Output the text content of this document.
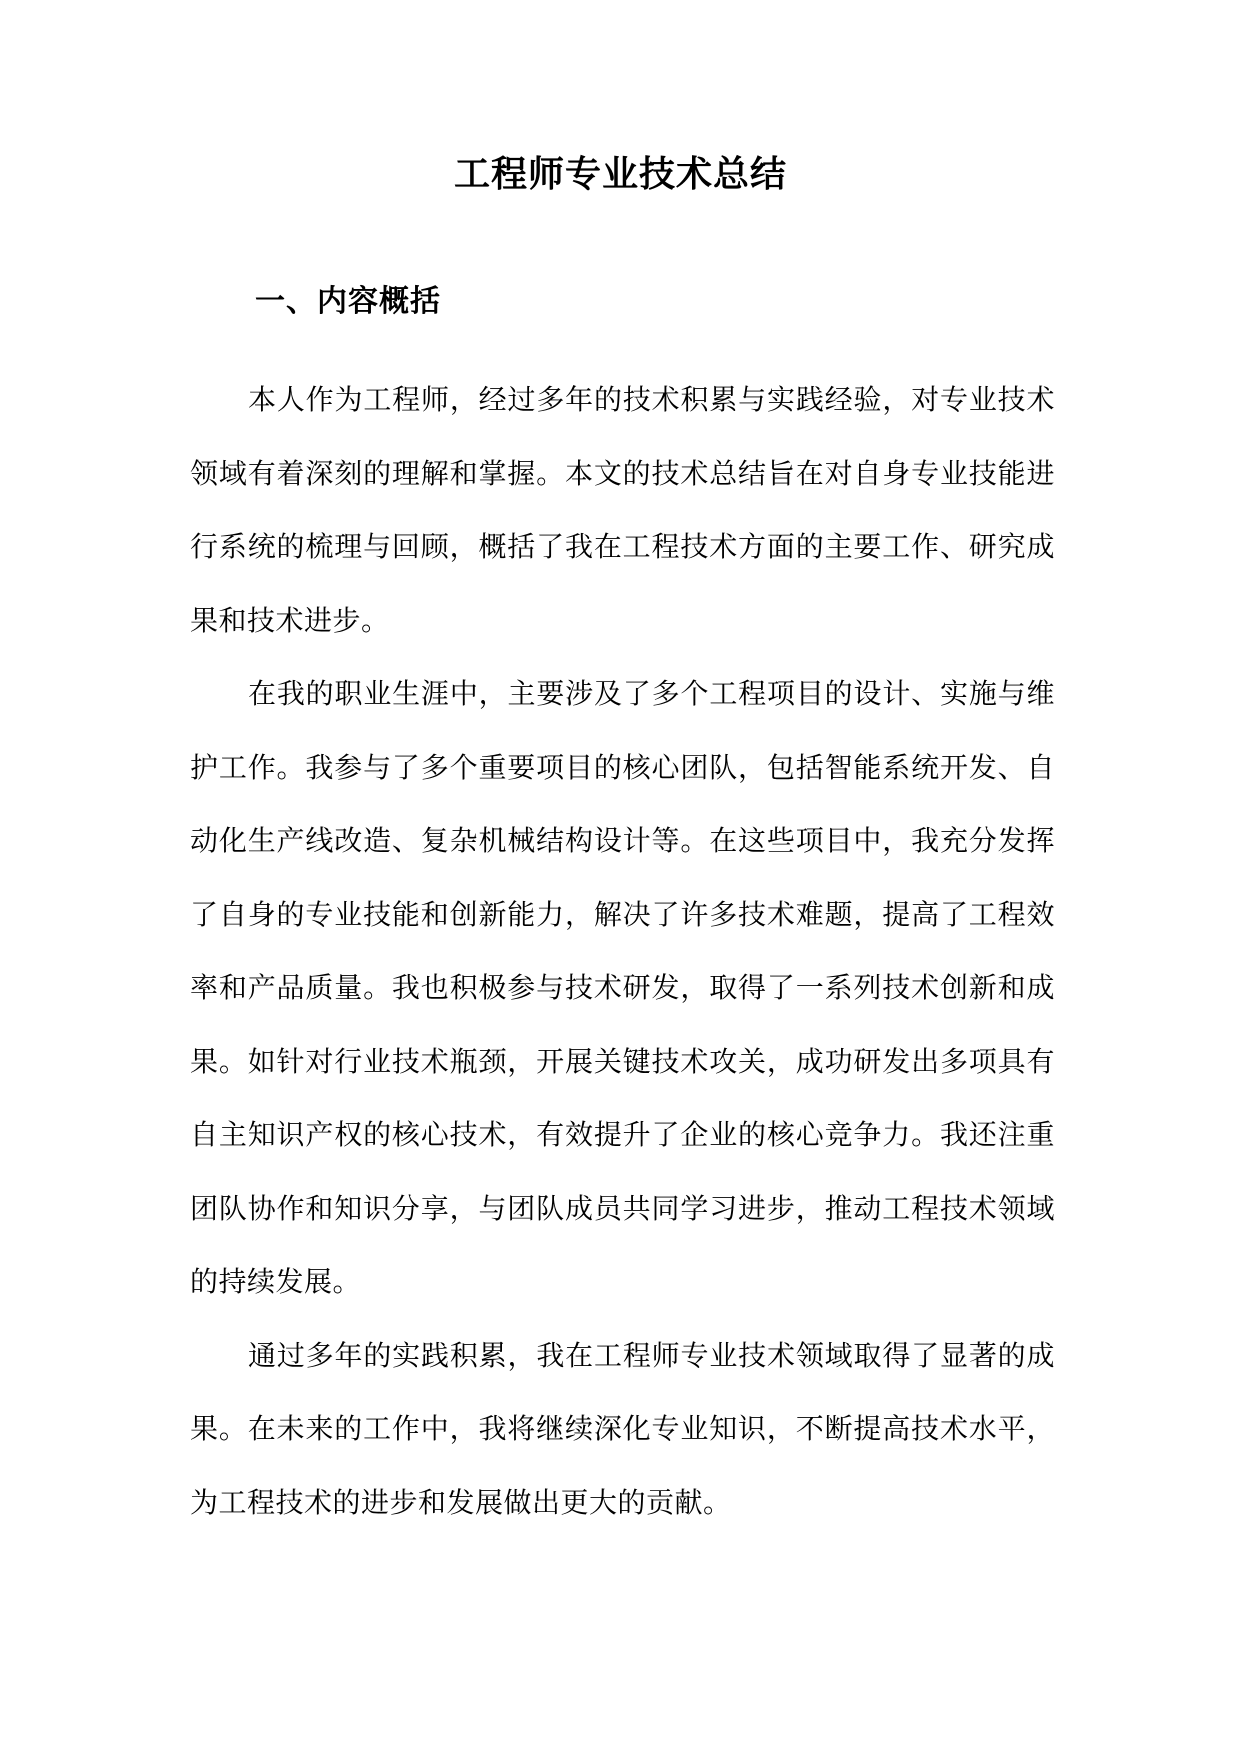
工程师专业技术总结
一、内容概括

本人作为工程师，经过多年的技术积累与实践经验，对专业技术领域有着深刻的理解和掌握。本文的技术总结旨在对自身专业技能进行系统的梳理与回顾，概括了我在工程技术方面的主要工作、研究成果和技术进步。

在我的职业生涯中，主要涉及了多个工程项目的设计、实施与维护工作。我参与了多个重要项目的核心团队，包括智能系统开发、自动化生产线改造、复杂机械结构设计等。在这些项目中，我充分发挥了自身的专业技能和创新能力，解决了许多技术难题，提高了工程效率和产品质量。我也积极参与技术研发，取得了一系列技术创新和成果。如针对行业技术瓶颈，开展关键技术攻关，成功研发出多项具有自主知识产权的核心技术，有效提升了企业的核心竞争力。我还注重团队协作和知识分享，与团队成员共同学习进步，推动工程技术领域的持续发展。

通过多年的实践积累，我在工程师专业技术领域取得了显著的成果。在未来的工作中，我将继续深化专业知识，不断提高技术水平，为工程技术的进步和发展做出更大的贡献。
